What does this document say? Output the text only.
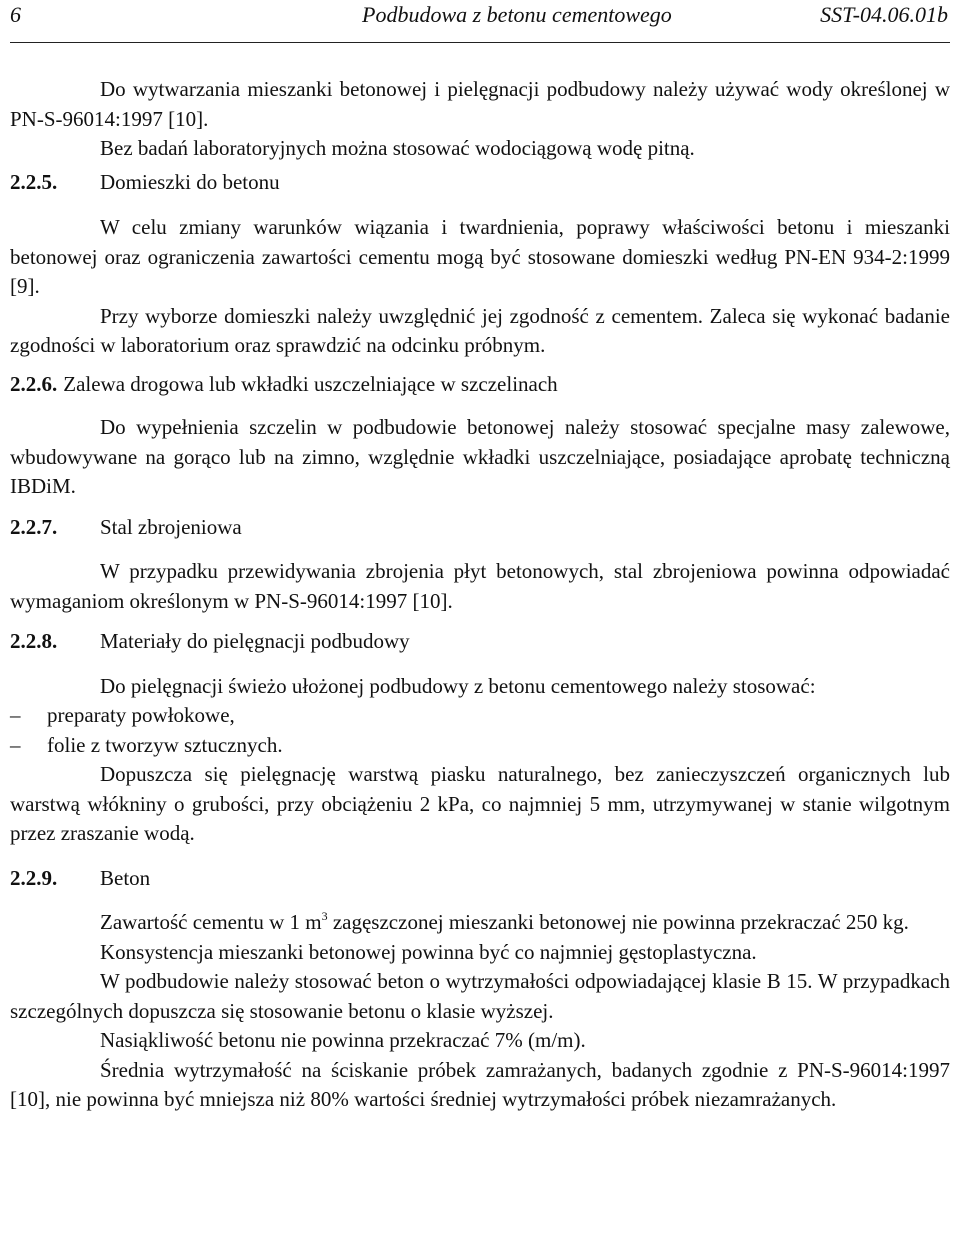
6	Podbudowa z betonu cementowego	SST-04.06.01b

Do wytwarzania mieszanki betonowej i pielęgnacji podbudowy należy używać wody określonej w PN-S-96014:1997 [10].

Bez badań laboratoryjnych można stosować wodociągową wodę pitną.

2.2.5. Domieszki do betonu

W celu zmiany warunków wiązania i twardnienia, poprawy właściwości betonu i mieszanki betonowej oraz ograniczenia zawartości cementu mogą być stosowane domieszki według PN-EN 934-2:1999 [9].

Przy wyborze domieszki należy uwzględnić jej zgodność z cementem. Zaleca się wykonać badanie zgodności w laboratorium oraz sprawdzić na odcinku próbnym.

2.2.6. Zalewa drogowa lub wkładki uszczelniające w szczelinach

Do wypełnienia szczelin w podbudowie betonowej należy stosować specjalne masy zalewowe, wbudowywane na gorąco lub na zimno, względnie wkładki uszczelniające, posiadające aprobatę techniczną IBDiM.

2.2.7. Stal zbrojeniowa

W przypadku przewidywania zbrojenia płyt betonowych, stal zbrojeniowa powinna odpowiadać wymaganiom określonym w PN-S-96014:1997 [10].

2.2.8. Materiały do pielęgnacji podbudowy

Do pielęgnacji świeżo ułożonej podbudowy z betonu cementowego należy stosować:

– preparaty powłokowe,

– folie z tworzyw sztucznych.

Dopuszcza się pielęgnację warstwą piasku naturalnego, bez zanieczyszczeń organicznych lub warstwą włókniny o grubości, przy obciążeniu 2 kPa, co najmniej 5 mm, utrzymywanej w stanie wilgotnym przez zraszanie wodą.

2.2.9. Beton

Zawartość cementu w 1 $m^3$ zagęszczonej mieszanki betonowej nie powinna przekraczać 250 kg.

Konsystencja mieszanki betonowej powinna być co najmniej gęstoplastyczna.

W podbudowie należy stosować beton o wytrzymałości odpowiadającej klasie B 15. W przypadkach szczególnych dopuszcza się stosowanie betonu o klasie wyższej.

Nasiąkliwość betonu nie powinna przekraczać 7% (m/m).

Średnia wytrzymałość na ściskanie próbek zamrażanych, badanych zgodnie z PN-S-96014:1997 [10], nie powinna być mniejsza niż 80% wartości średniej wytrzymałości próbek niezamrażanych.
